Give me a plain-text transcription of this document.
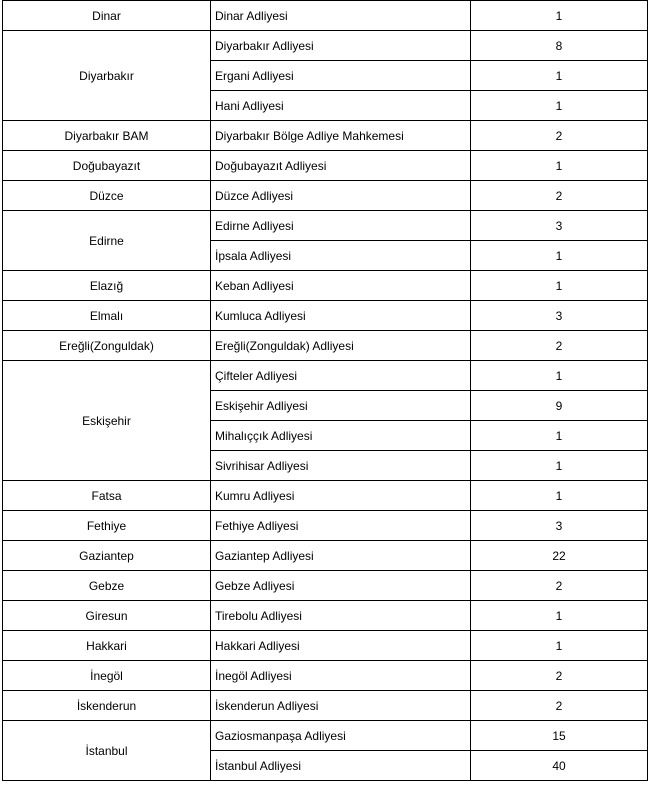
Dinar	Dinar Adliyesi	1
Diyarbakır
Diyarbakır Adliyesi	8
Ergani Adliyesi	1
Hani Adliyesi	1
Diyarbakır BAM	Diyarbakır Bölge Adliye Mahkemesi	2
Doğubayazıt	Doğubayazıt Adliyesi	1
Düzce	Düzce Adliyesi	2
Edirne
Edirne Adliyesi	3
İpsala Adliyesi	1
Elazığ	Keban Adliyesi	1
Elmalı	Kumluca Adliyesi	3
Ereğli(Zonguldak)	Ereğli(Zonguldak) Adliyesi	2
Eskişehir
Çifteler Adliyesi	1
Eskişehir Adliyesi	9
Mihalıççık Adliyesi	1
Sivrihisar Adliyesi	1
Fatsa	Kumru Adliyesi	1
Fethiye	Fethiye Adliyesi	3
Gaziantep	Gaziantep Adliyesi	22
Gebze	Gebze Adliyesi	2
Giresun	Tirebolu Adliyesi	1
Hakkari	Hakkari Adliyesi	1
İnegöl	İnegöl Adliyesi	2
İskenderun	İskenderun Adliyesi	2
İstanbul
Gaziosmanpaşa Adliyesi	15
İstanbul Adliyesi	40
